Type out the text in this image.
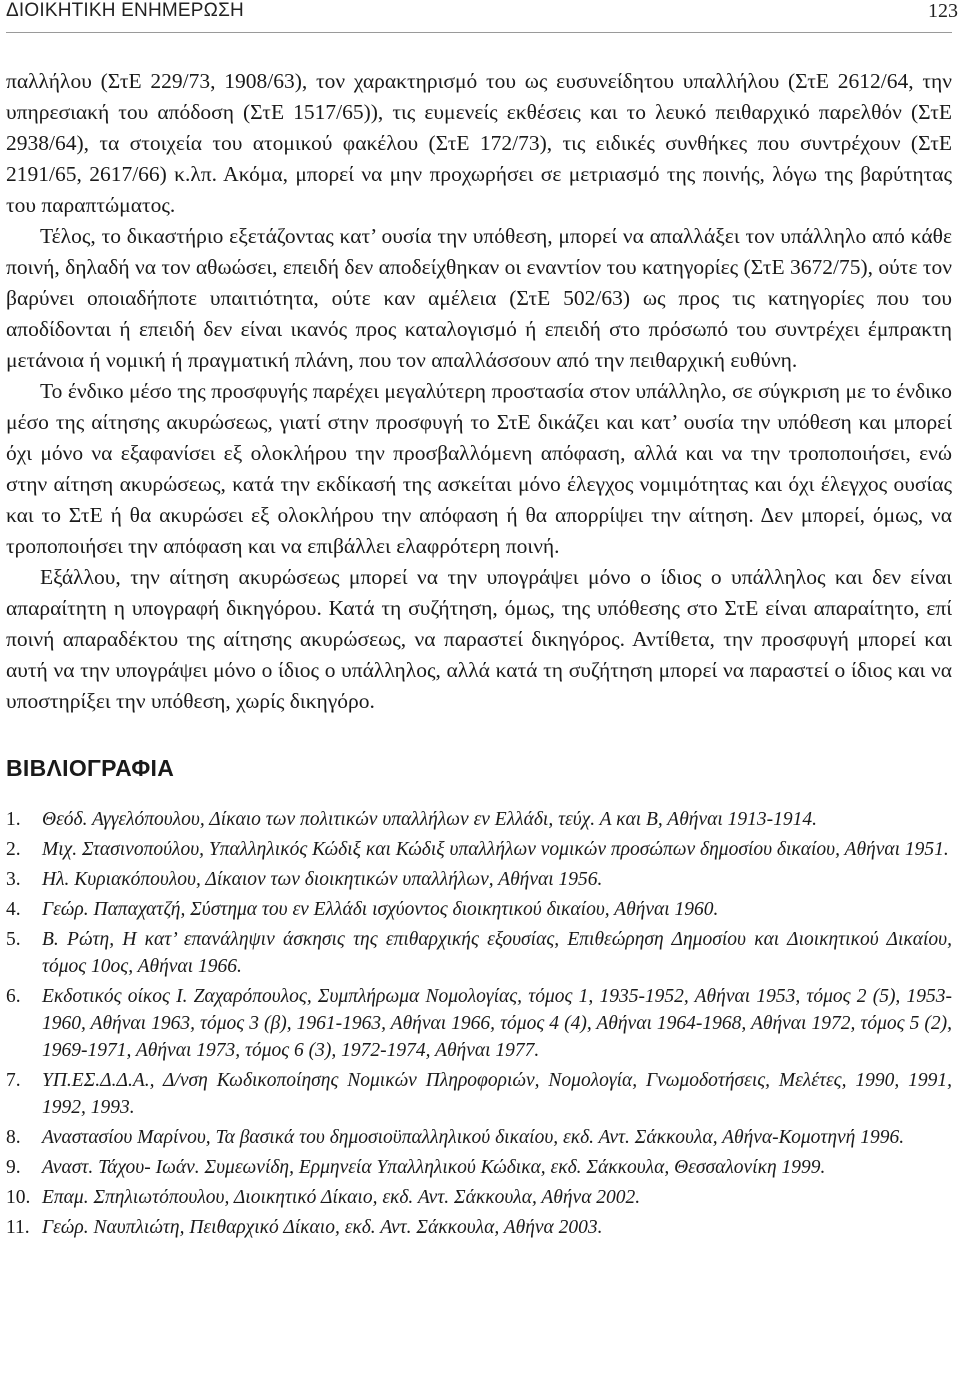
ΔΙΟΙΚΗΤΙΚΗ ΕΝΗΜΕΡΩΣΗ	123

παλλήλου (ΣτΕ 229/73, 1908/63), τον χαρακτηρισμό του ως ευσυνείδητου υπαλλήλου (ΣτΕ 2612/64, την υπηρεσιακή του απόδοση (ΣτΕ 1517/65)), τις ευμενείς εκθέσεις και το λευκό πειθαρχικό παρελθόν (ΣτΕ 2938/64), τα στοιχεία του ατομικού φακέλου (ΣτΕ 172/73), τις ειδικές συνθήκες που συντρέχουν (ΣτΕ 2191/65, 2617/66) κ.λπ. Ακόμα, μπορεί να μην προχωρήσει σε μετριασμό της ποινής, λόγω της βαρύτητας του παραπτώματος.

Τέλος, το δικαστήριο εξετάζοντας κατ’ ουσία την υπόθεση, μπορεί να απαλλάξει τον υπάλληλο από κάθε ποινή, δηλαδή να τον αθωώσει, επειδή δεν αποδείχθηκαν οι εναντίον του κατηγορίες (ΣτΕ 3672/75), ούτε τον βαρύνει οποιαδήποτε υπαιτιότητα, ούτε καν αμέλεια (ΣτΕ 502/63) ως προς τις κατηγορίες που του αποδίδονται ή επειδή δεν είναι ικανός προς καταλογισμό ή επειδή στο πρόσωπό του συντρέχει έμπρακτη μετάνοια ή νομική ή πραγματική πλάνη, που τον απαλλάσσουν από την πειθαρχική ευθύνη.

Το ένδικο μέσο της προσφυγής παρέχει μεγαλύτερη προστασία στον υπάλληλο, σε σύγκριση με το ένδικο μέσο της αίτησης ακυρώσεως, γιατί στην προσφυγή το ΣτΕ δικάζει και κατ’ ουσία την υπόθεση και μπορεί όχι μόνο να εξαφανίσει εξ ολοκλήρου την προσβαλλόμενη απόφαση, αλλά και να την τροποποιήσει, ενώ στην αίτηση ακυρώσεως, κατά την εκδίκασή της ασκείται μόνο έλεγχος νομιμότητας και όχι έλεγχος ουσίας και το ΣτΕ ή θα ακυρώσει εξ ολοκλήρου την απόφαση ή θα απορρίψει την αίτηση. Δεν μπορεί, όμως, να τροποποιήσει την απόφαση και να επιβάλλει ελαφρότερη ποινή.

Εξάλλου, την αίτηση ακυρώσεως μπορεί να την υπογράψει μόνο ο ίδιος ο υπάλληλος και δεν είναι απαραίτητη η υπογραφή δικηγόρου. Κατά τη συζήτηση, όμως, της υπόθεσης στο ΣτΕ είναι απαραίτητο, επί ποινή απαραδέκτου της αίτησης ακυρώσεως, να παραστεί δικηγόρος. Αντίθετα, την προσφυγή μπορεί και αυτή να την υπογράψει μόνο ο ίδιος ο υπάλληλος, αλλά κατά τη συζήτηση μπορεί να παραστεί ο ίδιος και να υποστηρίξει την υπόθεση, χωρίς δικηγόρο.

ΒΙΒΛΙΟΓΡΑΦΙΑ
1.	Θεόδ. Αγγελόπουλου, Δίκαιο των πολιτικών υπαλλήλων εν Ελλάδι, τεύχ. Α και Β, Αθήναι 1913-1914.
2.	Μιχ. Στασινοπούλου, Υπαλληλικός Κώδιξ και Κώδιξ υπαλλήλων νομικών προσώπων δημοσίου δικαίου, Αθήναι 1951.
3.	Ηλ. Κυριακόπουλου, Δίκαιον των διοικητικών υπαλλήλων, Αθήναι 1956.
4.	Γεώρ. Παπαχατζή, Σύστημα του εν Ελλάδι ισχύοντος διοικητικού δικαίου, Αθήναι 1960.
5.	Β. Ρώτη, Η κατ’ επανάληψιν άσκησις της επιθαρχικής εξουσίας, Επιθεώρηση Δημοσίου και Διοικητικού Δικαίου, τόμος 10ος, Αθήναι 1966.
6.	Εκδοτικός οίκος Ι. Ζαχαρόπουλος, Συμπλήρωμα Νομολογίας, τόμος 1, 1935-1952, Αθήναι 1953, τόμος 2 (5), 1953-1960, Αθήναι 1963, τόμος 3 (β), 1961-1963, Αθήναι 1966, τόμος 4 (4), Αθήναι 1964-1968, Αθήναι 1972, τόμος 5 (2), 1969-1971, Αθήναι 1973, τόμος 6 (3), 1972-1974, Αθήναι 1977.
7.	ΥΠ.ΕΣ.Δ.Δ.Α., Δ/νση Κωδικοποίησης Νομικών Πληροφοριών, Νομολογία, Γνωμοδοτήσεις, Μελέτες, 1990, 1991, 1992, 1993.
8.	Αναστασίου Μαρίνου, Τα βασικά του δημοσιοϋπαλληλικού δικαίου, εκδ. Αντ. Σάκκουλα, Αθήνα-Κομοτηνή 1996.
9.	Αναστ. Τάχου- Ιωάν. Συμεωνίδη, Ερμηνεία Υπαλληλικού Κώδικα, εκδ. Σάκκουλα, Θεσσαλονίκη 1999.
10. Επαμ. Σπηλιωτόπουλου, Διοικητικό Δίκαιο, εκδ. Αντ. Σάκκουλα, Αθήνα 2002.
11. Γεώρ. Ναυπλιώτη, Πειθαρχικό Δίκαιο, εκδ. Αντ. Σάκκουλα, Αθήνα 2003.
